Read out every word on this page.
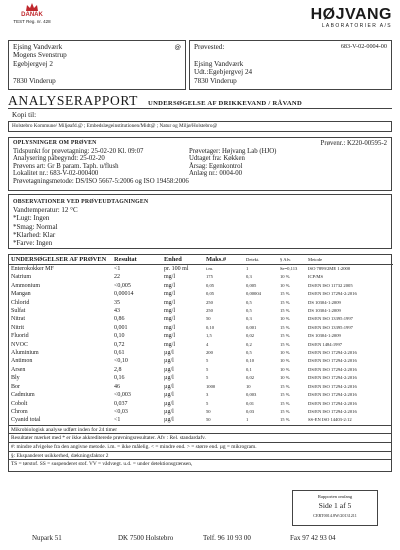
DANAK
TEST Reg. nr. 428	HØJVANG
LABORATORIER A/S
Ejsing Vandværk	@
Mogens Svenstrup
Egebjergvej 2

7830 Vinderup
Prøvested:	683-V-02-0004-00

Ejsing Vandværk
Udt.:Egebjergvej 24
7830 Vinderup
ANALYSERAPPORT UNDERSØGELSE AF DRIKKEVAND / RÅVAND
Kopi til:
Holstebro Kommune/ Miljøafd.@ ; Embedslægeinstitutionen/Midt@ ; Natur og Miljø/Holstebro@
OPLYSNINGER OM PRØVEN	Prøvenr.: K220-00595-2
Tidspunkt for prøvetagning: 25-02-20 Kl. 09:07	Prøvetager: Højvang Lab (HJO)
Analysering påbegyndt: 25-02-20	Udtaget fra: Køkken
Prøvens art: Gr B param. Taph. u/flush	Årsag: Egenkontrol
Lokalitet nr.: 683-V-02-000400	Anlæg nr.: 0004-00
Prøvetagningsmetode: DS/ISO 5667-5:2006 og ISO 19458:2006
OBSERVATIONER VED PRØVEUDTAGNINGEN
Vandtemperatur: 12 °C
*Lugt: Ingen
*Smag: Normal
*Klarhed: Klar
*Farve: Ingen
UNDERSØGELSER AF PRØVEN	Resultat	Enhed	Maks.#	Detekt.	§ Afv.	Metode
Enterokokker MF	<1	pr. 100 ml	i.m.	1	Se=0,113	ISO 7899/2ME 1:2000
Natrium	22	mg/l	175	0,3	10 %	ICP/MS
Ammonium	<0,005	mg/l	0,05	0,005	10 %	DS/EN ISO 11732 2005
Mangan	0,00014	mg/l	0,05	0,00004	15 %	DS/EN ISO 17294-2:2016
Chlorid	35	mg/l	250	0,5	15 %	DS 10304-1:2009
Sulfat	43	mg/l	250	0,5	15 %	DS 10304-1:2009
Nitrat	0,86	mg/l	50	0,3	10 %	DS/EN ISO 13395:1997
Nitrit	0,001	mg/l	0,10	0,001	15 %	DS/EN ISO 13395:1997
Fluorid	0,10	mg/l	1,5	0,02	15 %	DS 10304-1:2009
NVOC	0,72	mg/l	4	0,2	15 %	DS/EN 1484:1997
Aluminium	0,61	µg/l	200	0,5	10 %	DS/EN ISO 17294-2:2016
Antimon	<0,10	µg/l	5	0,10	10 %	DS/EN ISO 17294-2:2016
Arsen	2,8	µg/l	5	0,1	10 %	DS/EN ISO 17294-2:2016
Bly	0,16	µg/l	5	0,02	10 %	DS/EN ISO 17294-2:2016
Bor	46	µg/l	1000	10	15 %	DS/EN ISO 17294-2:2016
Cadmium	<0,003	µg/l	3	0,003	15 %	DS/EN ISO 17294-2:2016
Cobolt	0,037	µg/l	5	0,01	15 %	DS/EN ISO 17294-2:2016
Chrom	<0,03	µg/l	50	0,03	15 %	DS/EN ISO 17294-2:2016
Cyanid total	<1	µg/l	50	1	15 %	SS-EN ISO 14403-2:12
Mikrobiologisk analyse udført inden for 24 timer
Resultater mærket med * er ikke akkrediterede prøvningsresultater. Afv : Rel. standardafv.
#: mindre afvigelse fra den angivne metode. i.m. = ikke målelig. < = mindre end. > = større end. µg = mikrogram.
§: Ekspanderet usikkerhed, dækningsfaktor 2
TS = tørstof. SS = suspenderet stof. VV = vådvægt. u.d. = under detektionsgrænsen,
Rapporten omfang
Side 1 af 5
CERT0014.8W/20131211
Nupark 51	DK 7500 Holstebro	Telf. 96 10 93 00	Fax 97 42 93 04
